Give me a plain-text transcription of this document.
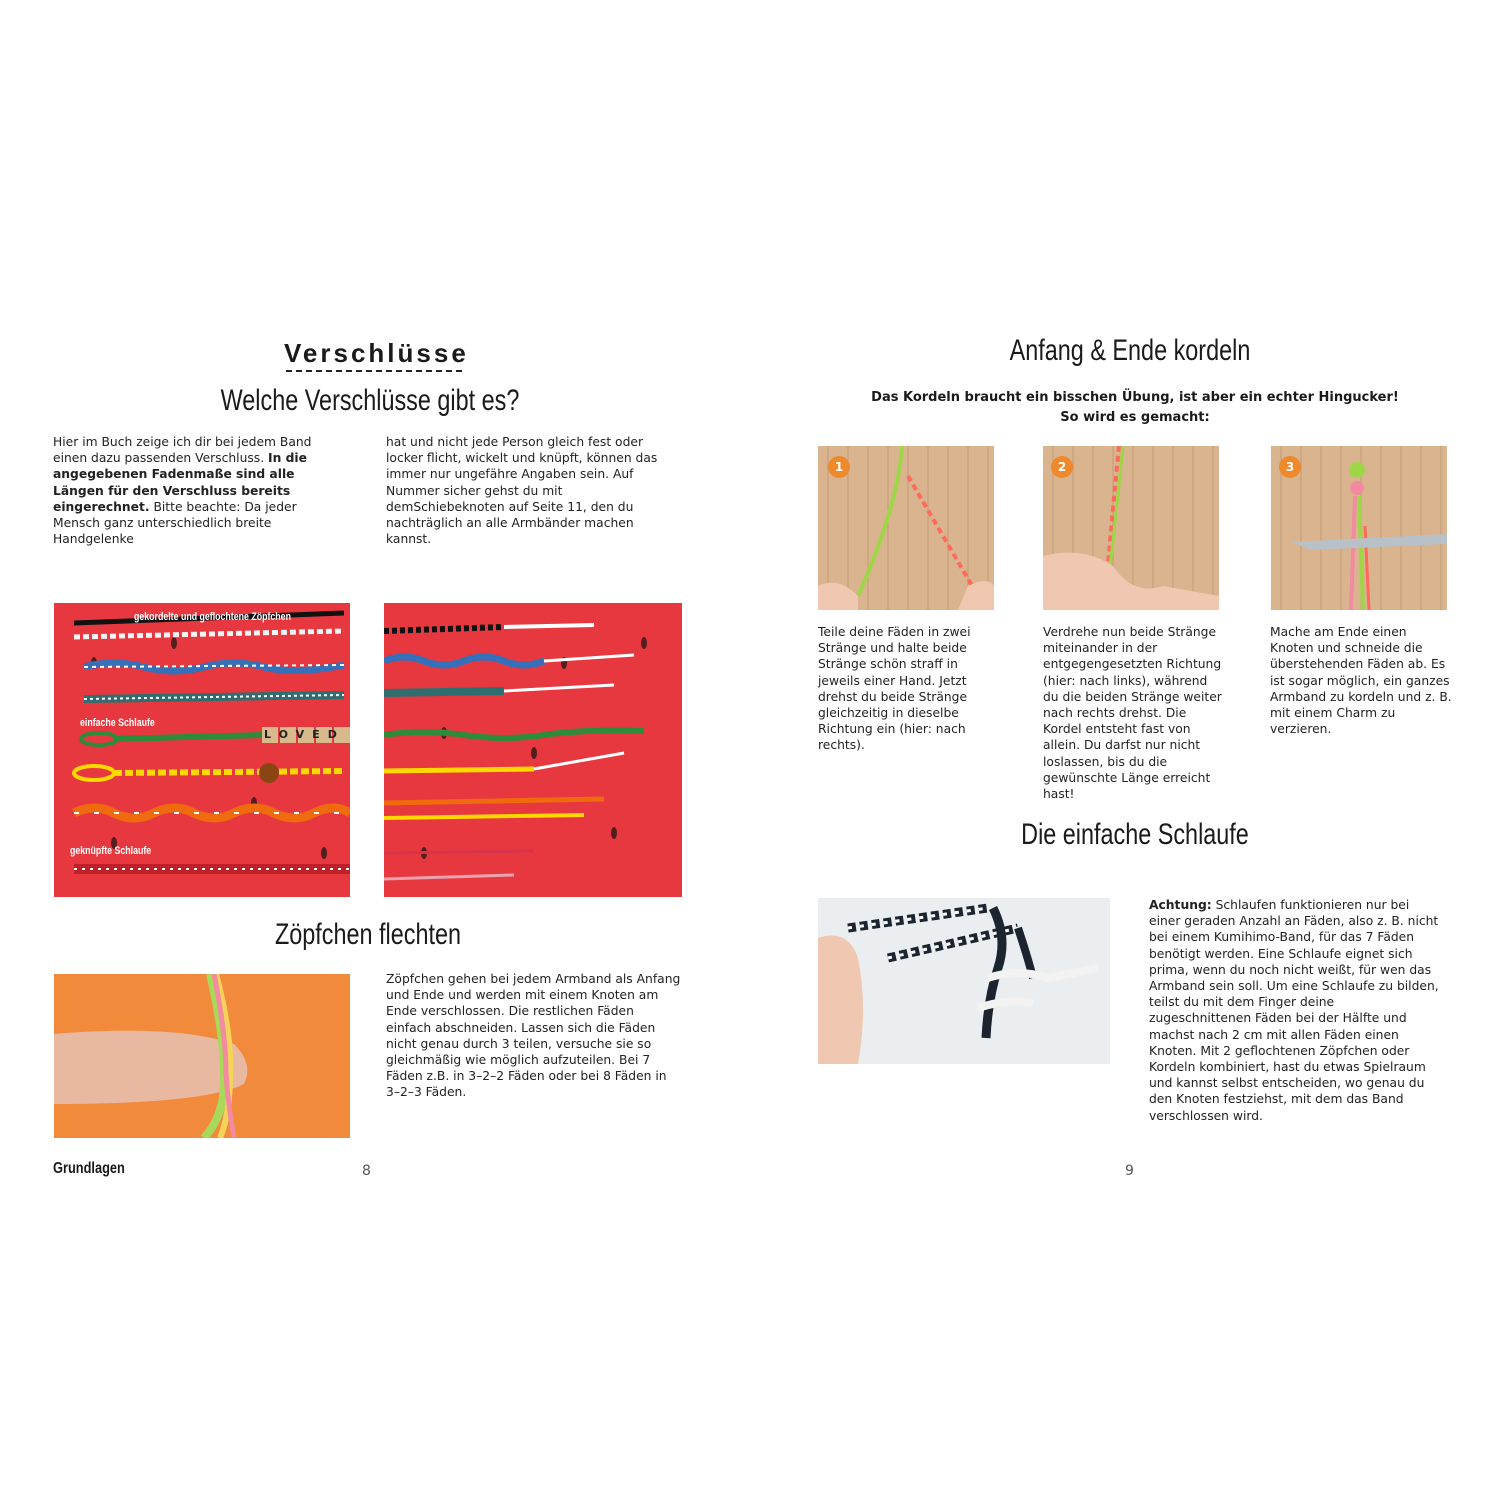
Verschlüsse
Welche Verschlüsse gibt es?
Hier im Buch zeige ich dir bei jedem Band einen dazu passenden Verschluss. In die angegebenen Fadenmaße sind alle Längen für den Verschluss bereits eingerechnet. Bitte beachte: Da jeder Mensch ganz unterschiedlich breite Handgelenke
hat und nicht jede Person gleich fest oder locker flicht, wickelt und knüpft, können das immer nur ungefähre Angaben sein. Auf Nummer sicher gehst du mit demSchiebeknoten auf Seite 11, den du nachträglich an alle Armbänder machen kannst.
gekordelte und geflochtene Zöpfchen
einfache Schlaufe
geknüpfte Schlaufe
LOVED
Zöpfchen flechten
Zöpfchen gehen bei jedem Armband als Anfang und Ende und werden mit einem Knoten am Ende verschlossen. Die restlichen Fäden einfach abschneiden. Lassen sich die Fäden nicht genau durch 3 teilen, versuche sie so gleichmäßig wie möglich aufzuteilen. Bei 7 Fäden z.B. in 3–2–2 Fäden oder bei 8 Fäden in 3–2–3 Fäden.
Grundlagen	8
Anfang & Ende kordeln
Das Kordeln braucht ein bisschen Übung, ist aber ein echter Hingucker!
So wird es gemacht:
1	2	3
Teile deine Fäden in zwei Stränge und halte beide Stränge schön straff in jeweils einer Hand. Jetzt drehst du beide Stränge gleichzeitig in dieselbe Richtung ein (hier: nach rechts).
Verdrehe nun beide Stränge miteinander in der entgegengesetzten Richtung (hier: nach links), während du die beiden Stränge weiter nach rechts drehst. Die Kordel entsteht fast von allein. Du darfst nur nicht loslassen, bis du die gewünschte Länge erreicht hast!
Mache am Ende einen Knoten und schneide die überstehenden Fäden ab. Es ist sogar möglich, ein ganzes Armband zu kordeln und z. B. mit einem Charm zu verzieren.
Die einfache Schlaufe
Achtung: Schlaufen funktionieren nur bei einer geraden Anzahl an Fäden, also z. B. nicht bei einem Kumihimo-Band, für das 7 Fäden benötigt werden. Eine Schlaufe eignet sich prima, wenn du noch nicht weißt, für wen das Armband sein soll. Um eine Schlaufe zu bilden, teilst du mit dem Finger deine zugeschnittenen Fäden bei der Hälfte und machst nach 2 cm mit allen Fäden einen Knoten. Mit 2 geflochtenen Zöpfchen oder Kordeln kombiniert, hast du etwas Spielraum und kannst selbst entscheiden, wo genau du den Knoten festziehst, mit dem das Band verschlossen wird.
9
